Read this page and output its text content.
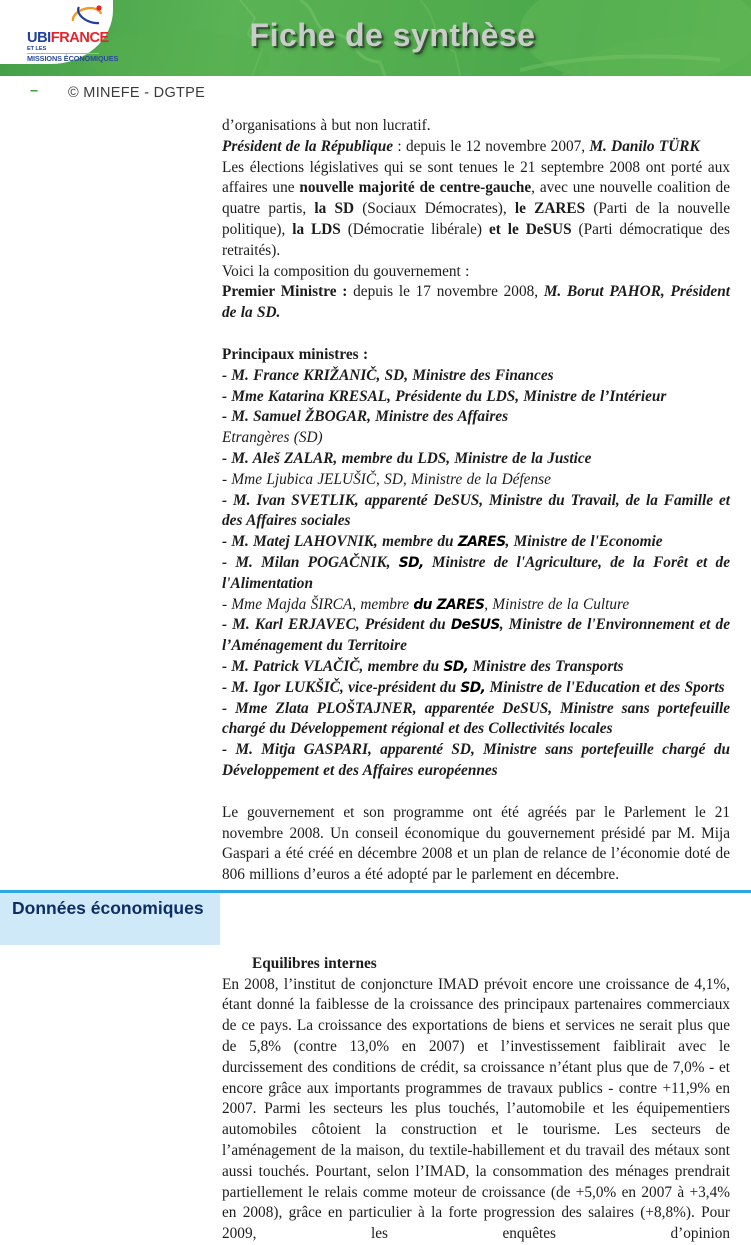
Fiche de synthèse
UBIFRANCE
ET LES
MISSIONS ÉCONOMIQUES
– © MINEFE - DGTPE

d’organisations à but non lucratif.

Président de la République : depuis le 12 novembre 2007, M. Danilo TÜRK

Les élections législatives qui se sont tenues le 21 septembre 2008 ont porté aux affaires une nouvelle majorité de centre-gauche, avec une nouvelle coalition de quatre partis, la SD (Sociaux Démocrates), le ZARES (Parti de la nouvelle politique), la LDS (Démocratie libérale) et le DeSUS (Parti démocratique des retraités).

Voici la composition du gouvernement :

Premier Ministre : depuis le 17 novembre 2008, M. Borut PAHOR, Président de la SD.

Principaux ministres :

- M. France KRIŽANIČ, SD, Ministre des Finances

- Mme Katarina KRESAL, Présidente du LDS, Ministre de l’Intérieur

- M. Samuel ŽBOGAR, Ministre des Affaires

Etrangères (SD)

- M. Aleš ZALAR, membre du LDS, Ministre de la Justice

- Mme Ljubica JELUŠIČ, SD, Ministre de la Défense

- M. Ivan SVETLIK, apparenté DeSUS, Ministre du Travail, de la Famille et des Affaires sociales

- M. Matej LAHOVNIK, membre du ZARES, Ministre de l'Economie

- M. Milan POGAČNIK, SD, Ministre de l'Agriculture, de la Forêt et de l'Alimentation

- Mme Majda ŠIRCA, membre du ZARES, Ministre de la Culture

- M. Karl ERJAVEC, Président du DeSUS, Ministre de l'Environnement et de l’Aménagement du Territoire

- M. Patrick VLAČIČ, membre du SD, Ministre des Transports

- M. Igor LUKŠIČ, vice-président du SD, Ministre de l'Education et des Sports

- Mme Zlata PLOŠTAJNER, apparentée DeSUS, Ministre sans portefeuille chargé du Développement régional et des Collectivités locales

- M. Mitja GASPARI, apparenté SD, Ministre sans portefeuille chargé du Développement et des Affaires européennes

Le gouvernement et son programme ont été agréés par le Parlement le 21 novembre 2008. Un conseil économique du gouvernement présidé par M. Mija Gaspari a été créé en décembre 2008 et un plan de relance de l’économie doté de 806 millions d’euros a été adopté par le parlement en décembre.

Données économiques

Equilibres internes

En 2008, l’institut de conjoncture IMAD prévoit encore une croissance de 4,1%, étant donné la faiblesse de la croissance des principaux partenaires commerciaux de ce pays. La croissance des exportations de biens et services ne serait plus que de 5,8% (contre 13,0% en 2007) et l’investissement faiblirait avec le durcissement des conditions de crédit, sa croissance n’étant plus que de 7,0% - et encore grâce aux importants programmes de travaux publics - contre +11,9% en 2007. Parmi les secteurs les plus touchés, l’automobile et les équipementiers automobiles côtoient la construction et le tourisme. Les secteurs de l’aménagement de la maison, du textile-habillement et du travail des métaux sont aussi touchés. Pourtant, selon l’IMAD, la consommation des ménages prendrait partiellement le relais comme moteur de croissance (de +5,0% en 2007 à +3,4% en 2008), grâce en particulier à la forte progression des salaires (+8,8%). Pour 2009, les enquêtes d’opinion
